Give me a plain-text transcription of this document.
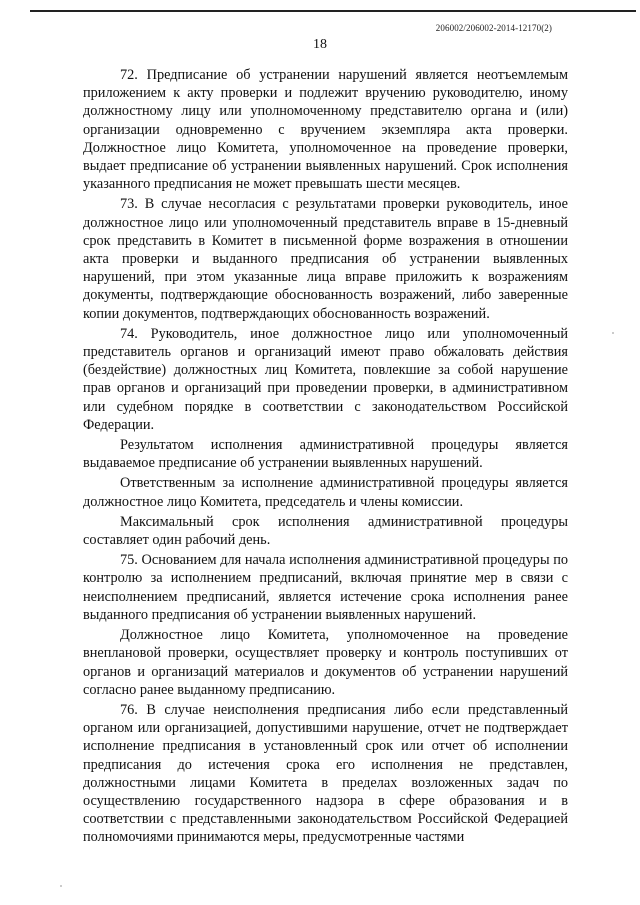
206002/206002-2014-12170(2)
18

72. Предписание об устранении нарушений является неотъемлемым приложением к акту проверки и подлежит вручению руководителю, иному должностному лицу или уполномоченному представителю органа и (или) организации одновременно с вручением экземпляра акта проверки. Должностное лицо Комитета, уполномоченное на проведение проверки, выдает предписание об устранении выявленных нарушений. Срок исполнения указанного предписания не может превышать шести месяцев.

73. В случае несогласия с результатами проверки руководитель, иное должностное лицо или уполномоченный представитель вправе в 15-дневный срок представить в Комитет в письменной форме возражения в отношении акта проверки и выданного предписания об устранении выявленных нарушений, при этом указанные лица вправе приложить к возражениям документы, подтверждающие обоснованность возражений, либо заверенные копии документов, подтверждающих обоснованность возражений.

74. Руководитель, иное должностное лицо или уполномоченный представитель органов и организаций имеют право обжаловать действия (бездействие) должностных лиц Комитета, повлекшие за собой нарушение прав органов и организаций при проведении проверки, в административном или судебном порядке в соответствии с законодательством Российской Федерации.

Результатом исполнения административной процедуры является выдаваемое предписание об устранении выявленных нарушений.

Ответственным за исполнение административной процедуры является должностное лицо Комитета, председатель и члены комиссии.

Максимальный срок исполнения административной процедуры составляет один рабочий день.

75. Основанием для начала исполнения административной процедуры по контролю за исполнением предписаний, включая принятие мер в связи с неисполнением предписаний, является истечение срока исполнения ранее выданного предписания об устранении выявленных нарушений.

Должностное лицо Комитета, уполномоченное на проведение внеплановой проверки, осуществляет проверку и контроль поступивших от органов и организаций материалов и документов об устранении нарушений согласно ранее выданному предписанию.

76. В случае неисполнения предписания либо если представленный органом или организацией, допустившими нарушение, отчет не подтверждает исполнение предписания в установленный срок или отчет об исполнении предписания до истечения срока его исполнения не представлен, должностными лицами Комитета в пределах возложенных задач по осуществлению государственного надзора в сфере образования и в соответствии с представленными законодательством Российской Федерацией полномочиями принимаются меры, предусмотренные частями
